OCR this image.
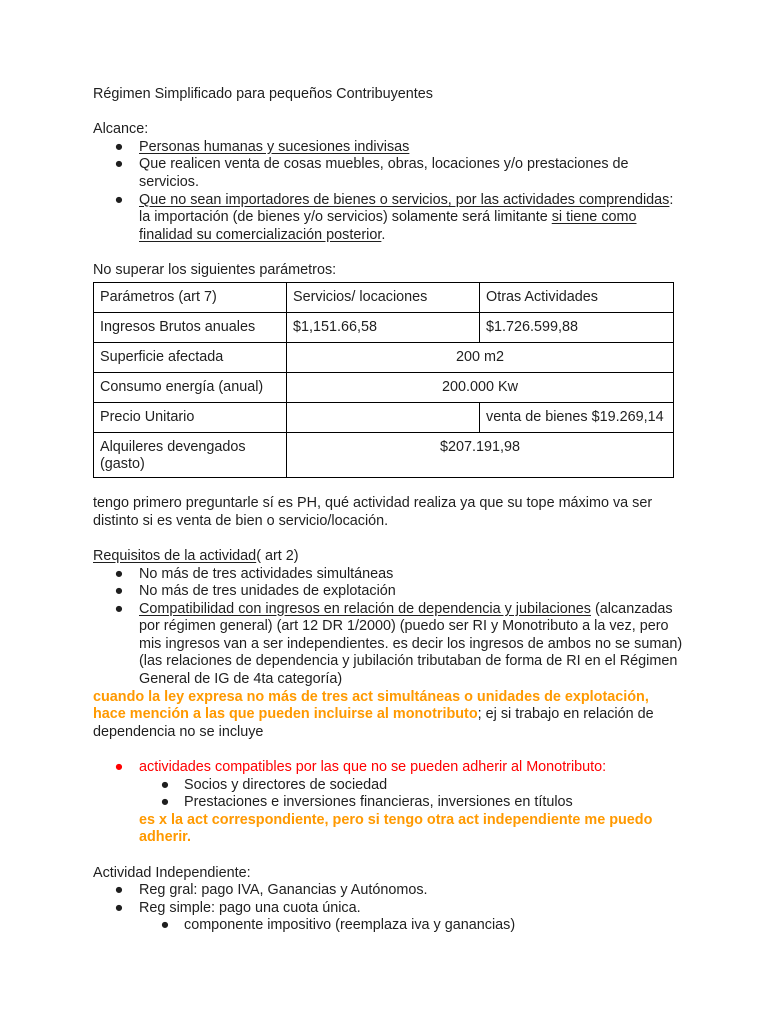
Régimen Simplificado para pequeños Contribuyentes

Alcance:

● Personas humanas y sucesiones indivisas
● Que realicen venta de cosas muebles, obras, locaciones y/o prestaciones de servicios.
● Que no sean importadores de bienes o servicios, por las actividades comprendidas: la importación (de bienes y/o servicios) solamente será limitante si tiene como finalidad su comercialización posterior.

No superar los siguientes parámetros:

Parámetros (art 7)	Servicios/ locaciones	Otras Actividades
Ingresos Brutos anuales	$1,151.66,58	$1.726.599,88
Superficie afectada	200 m2	
Consumo energía (anual)	200.000 Kw	
Precio Unitario		venta de bienes $19.269,14
Alquileres devengados (gasto)	$207.191,98	

tengo primero preguntarle sí es PH, qué actividad realiza ya que su tope máximo va ser distinto si es venta de bien o servicio/locación.

Requisitos de la actividad( art 2)

● No más de tres actividades simultáneas
● No más de tres unidades de explotación
● Compatibilidad con ingresos en relación de dependencia y jubilaciones (alcanzadas por régimen general) (art 12 DR 1/2000) (puedo ser RI y Monotributo a la vez, pero mis ingresos van a ser independientes. es decir los ingresos de ambos no se suman) (las relaciones de dependencia y jubilación tributaban de forma de RI en el Régimen General de IG de 4ta categoría)

cuando la ley expresa no más de tres act simultáneas o unidades de explotación, hace mención a las que pueden incluirse al monotributo; ej si trabajo en relación de dependencia no se incluye

● actividades compatibles por las que no se pueden adherir al Monotributo:
● Socios y directores de sociedad
● Prestaciones e inversiones financieras, inversiones en títulos

es x la act correspondiente, pero si tengo otra act independiente me puedo adherir.

Actividad Independiente:

● Reg gral: pago IVA, Ganancias y Autónomos.
● Reg simple: pago una cuota única.
● componente impositivo (reemplaza iva y ganancias)
